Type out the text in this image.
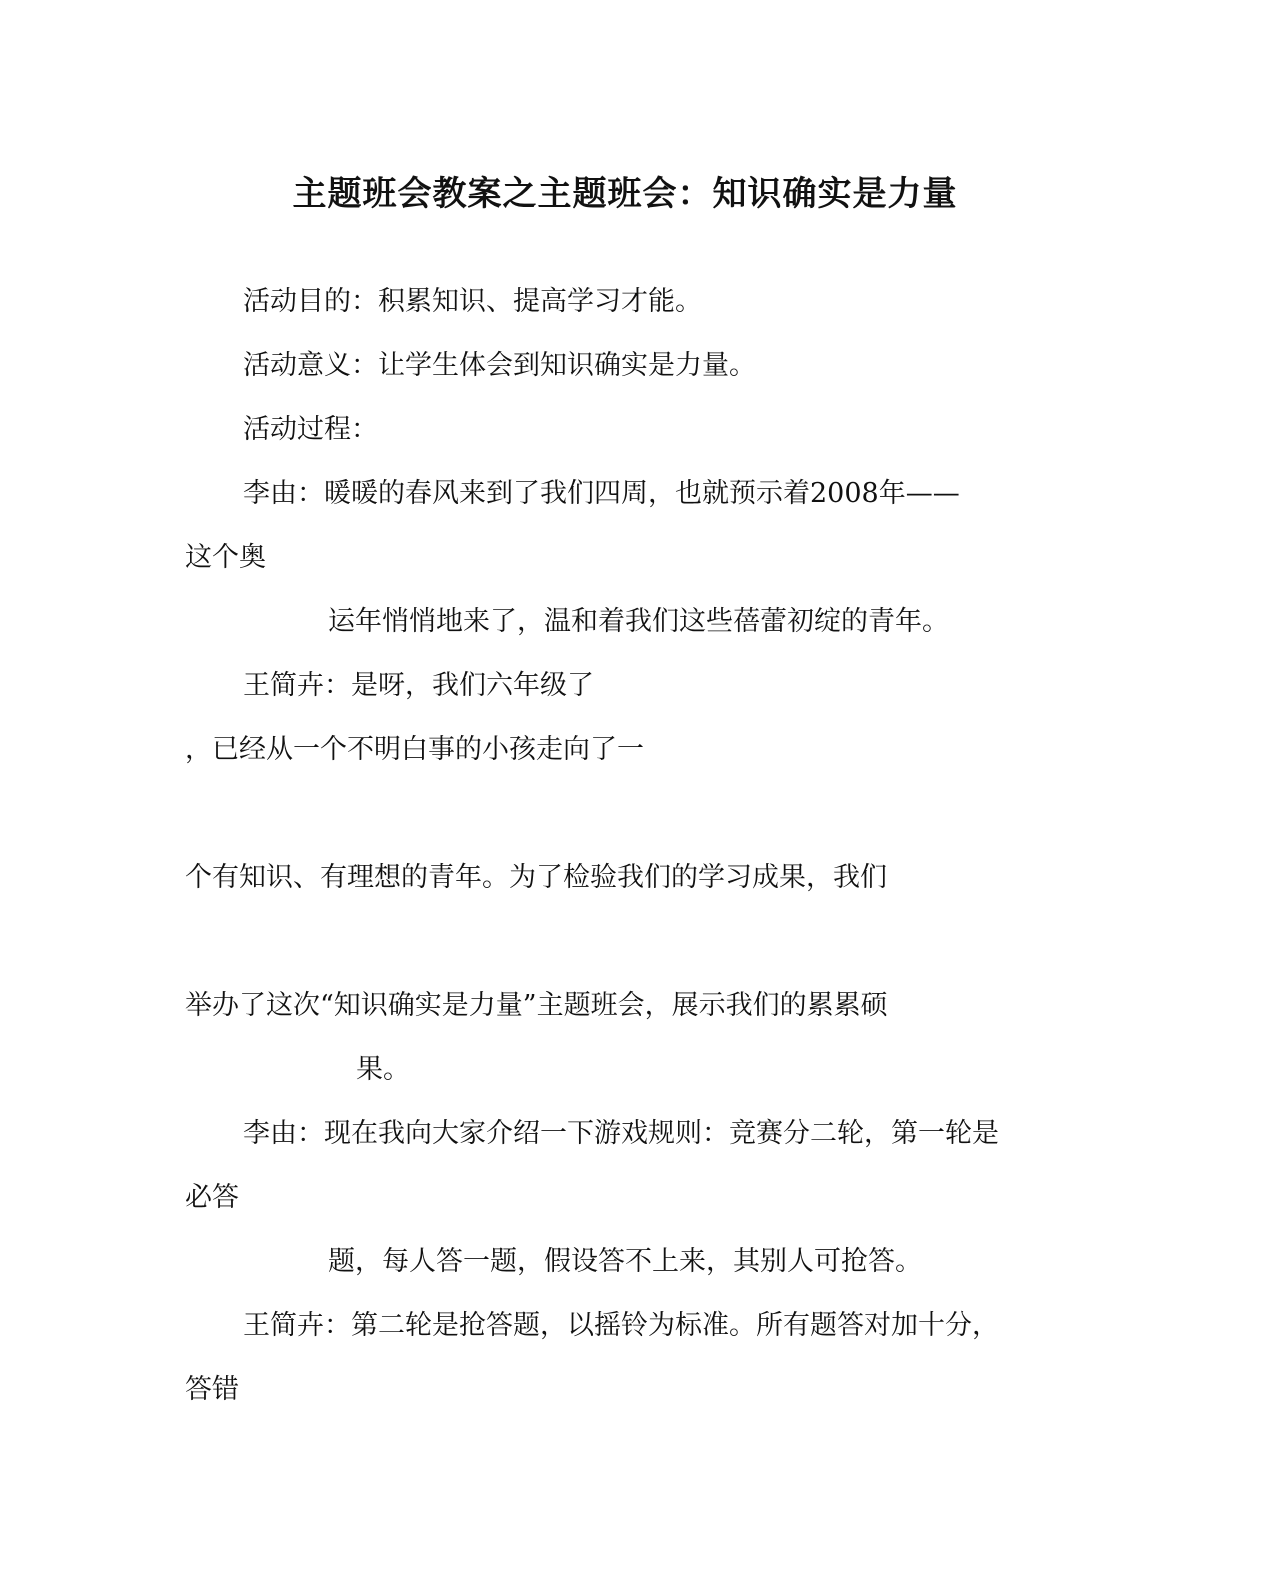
主题班会教案之主题班会：知识确实是力量
活动目的：积累知识、提高学习才能。
活动意义：让学生体会到知识确实是力量。
活动过程：
李由：暖暖的春风来到了我们四周，也就预示着2008年——
这个奥
运年悄悄地来了，温和着我们这些蓓蕾初绽的青年。
王简卉：是呀，我们六年级了
，已经从一个不明白事的小孩走向了一
个有知识、有理想的青年。为了检验我们的学习成果，我们
举办了这次“知识确实是力量”主题班会，展示我们的累累硕
果。
李由：现在我向大家介绍一下游戏规则：竞赛分二轮，第一轮是
必答
题，每人答一题，假设答不上来，其别人可抢答。
王简卉：第二轮是抢答题，以摇铃为标准。所有题答对加十分，
答错
